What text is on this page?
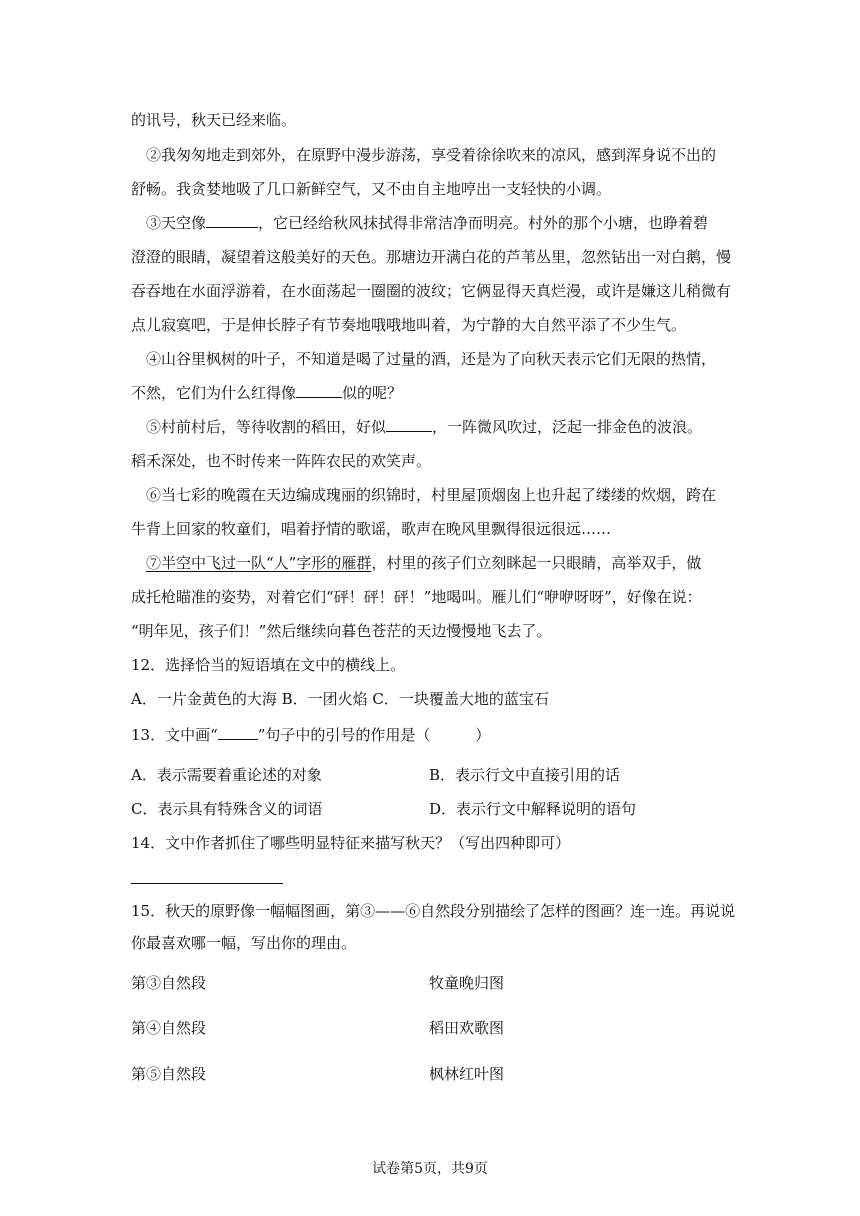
的讯号，秋天已经来临。
②我匆匆地走到郊外，在原野中漫步游荡，享受着徐徐吹来的凉风，感到浑身说不出的
舒畅。我贪婪地吸了几口新鲜空气，又不由自主地哼出一支轻快的小调。
③天空像	，它已经给秋风抹拭得非常洁净而明亮。村外的那个小塘，也睁着碧
澄澄的眼睛，凝望着这般美好的天色。那塘边开满白花的芦苇丛里，忽然钻出一对白鹅，慢
吞吞地在水面浮游着，在水面荡起一圈圈的波纹；它俩显得天真烂漫，或许是嫌这儿稍微有
点儿寂寞吧，于是伸长脖子有节奏地哦哦地叫着，为宁静的大自然平添了不少生气。
④山谷里枫树的叶子，不知道是喝了过量的酒，还是为了向秋天表示它们无限的热情，
不然，它们为什么红得像	似的呢？
⑤村前村后，等待收割的稻田，好似	，一阵微风吹过，泛起一排金色的波浪。
稻禾深处，也不时传来一阵阵农民的欢笑声。
⑥当七彩的晚霞在天边编成瑰丽的织锦时，村里屋顶烟囱上也升起了缕缕的炊烟，跨在
牛背上回家的牧童们，唱着抒情的歌谣，歌声在晚风里飘得很远很远……
⑦半空中飞过一队“人”字形的雁群，村里的孩子们立刻眯起一只眼睛，高举双手，做
成托枪瞄准的姿势，对着它们“砰！砰！砰！”地喝叫。雁儿们“咿咿呀呀”，好像在说：
“明年见，孩子们！”然后继续向暮色苍茫的天边慢慢地飞去了。
12．选择恰当的短语填在文中的横线上。
A．一片金黄色的大海 B．一团火焰 C．一块覆盖大地的蓝宝石
13．文中画“	”句子中的引号的作用是（　　　）
A．表示需要着重论述的对象	B．表示行文中直接引用的话
C．表示具有特殊含义的词语	D．表示行文中解释说明的语句
14．文中作者抓住了哪些明显特征来描写秋天？（写出四种即可）
15．秋天的原野像一幅幅图画，第③——⑥自然段分别描绘了怎样的图画？连一连。再说说
你最喜欢哪一幅，写出你的理由。
第③自然段	牧童晚归图
第④自然段	稻田欢歌图
第⑤自然段	枫林红叶图
试卷第5页，共9页
